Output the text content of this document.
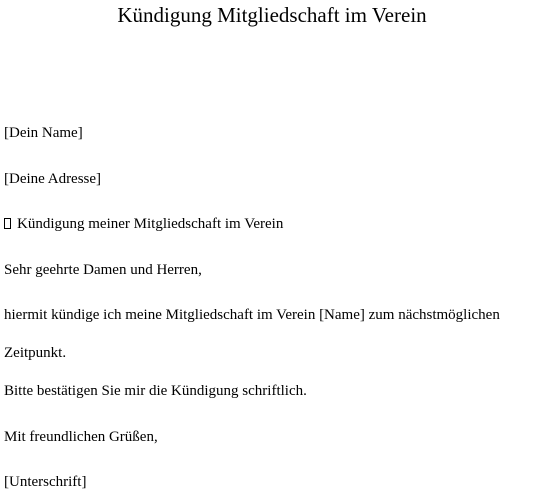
Kündigung Mitgliedschaft im Verein
[Dein Name]
[Deine Adresse]
Kündigung meiner Mitgliedschaft im Verein
Sehr geehrte Damen und Herren,
hiermit kündige ich meine Mitgliedschaft im Verein [Name] zum nächstmöglichen Zeitpunkt.
Bitte bestätigen Sie mir die Kündigung schriftlich.
Mit freundlichen Grüßen,
[Unterschrift]
